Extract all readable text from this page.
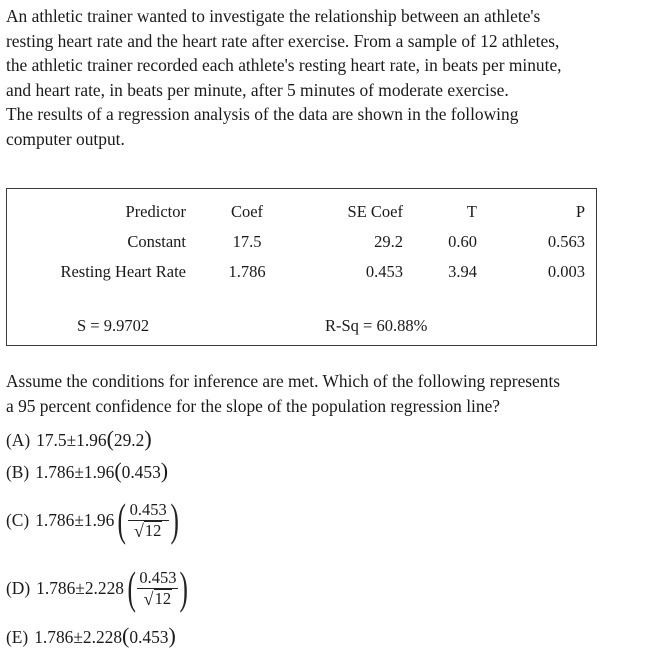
An athletic trainer wanted to investigate the relationship between an athlete's
resting heart rate and the heart rate after exercise. From a sample of 12 athletes,
the athletic trainer recorded each athlete's resting heart rate, in beats per minute,
and heart rate, in beats per minute, after 5 minutes of moderate exercise.
The results of a regression analysis of the data are shown in the following
computer output.
Predictor	Coef	SE Coef	T	P
Constant	17.5	29.2	0.60	0.563
Resting Heart Rate	1.786	0.453	3.94	0.003
S = 9.9702	R-Sq = 60.88%
Assume the conditions for inference are met. Which of the following represents
a 95 percent confidence for the slope of the population regression line?
(A) 17.5 ± 1.96 ( 29.2 )
(B) 1.786 ± 1.96 ( 0.453 )
(C) 1.786 ± 1.96 ( $\frac{0.453}{√ 12}$ )
(D) 1.786 ± 2.228 ( $\frac{0.453}{√ 12}$ )
(E) 1.786 ± 2.228 ( 0.453 )
